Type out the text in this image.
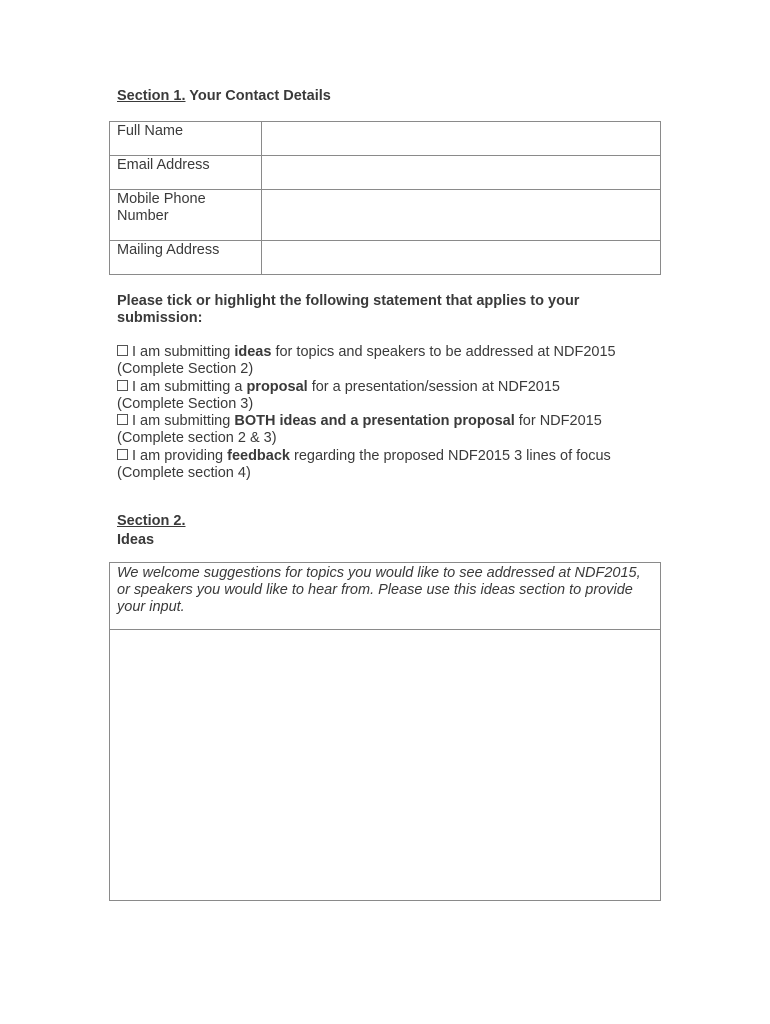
Section 1. Your Contact Details
Full Name	

Email Address	

Mobile Phone Number	

Mailing Address	

Please tick or highlight the following statement that applies to your submission:
I am submitting ideas for topics and speakers to be addressed at NDF2015
(Complete Section 2)
I am submitting a proposal for a presentation/session at NDF2015
(Complete Section 3)
I am submitting BOTH ideas and a presentation proposal for NDF2015
(Complete section 2 & 3)
I am providing feedback regarding the proposed NDF2015 3 lines of focus
(Complete section 4)
Section 2.
Ideas
We welcome suggestions for topics you would like to see addressed at NDF2015, or speakers you would like to hear from. Please use this ideas section to provide your input.
